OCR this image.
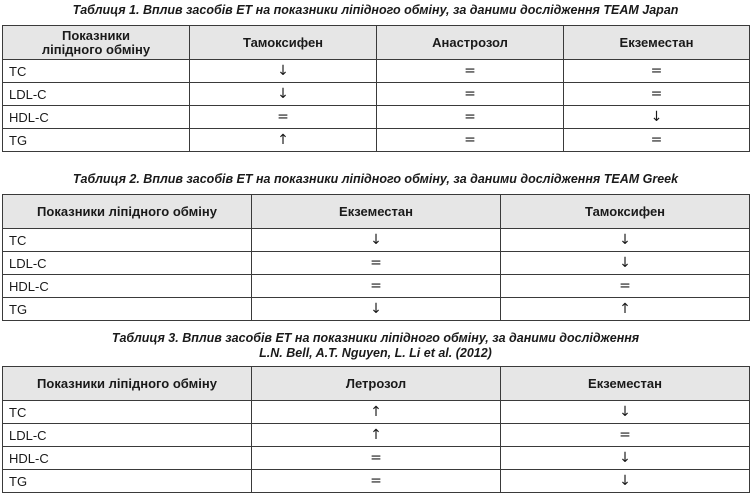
Таблиця 1. Вплив засобів ЕТ на показники ліпідного обміну, за даними дослідження TEAM Japan
Показники ліпідного обміну	Тамоксифен	Анастрозол	Екземестан
TC	↓	=	=
LDL-C	↓	=	=
HDL-C	=	=	↓
TG	↑	=	=
Таблиця 2. Вплив засобів ЕТ на показники ліпідного обміну, за даними дослідження TEAM Greek
Показники ліпідного обміну	Екземестан	Тамоксифен
TC	↓	↓
LDL-C	=	↓
HDL-C	=	=
TG	↓	↑
Таблиця 3. Вплив засобів ЕТ на показники ліпідного обміну, за даними дослідження
L.N. Bell, A.T. Nguyen, L. Li et al. (2012)
Показники ліпідного обміну	Летрозол	Екземестан
TC	↑	↓
LDL-C	↑	=
HDL-C	=	↓
TG	=	↓
